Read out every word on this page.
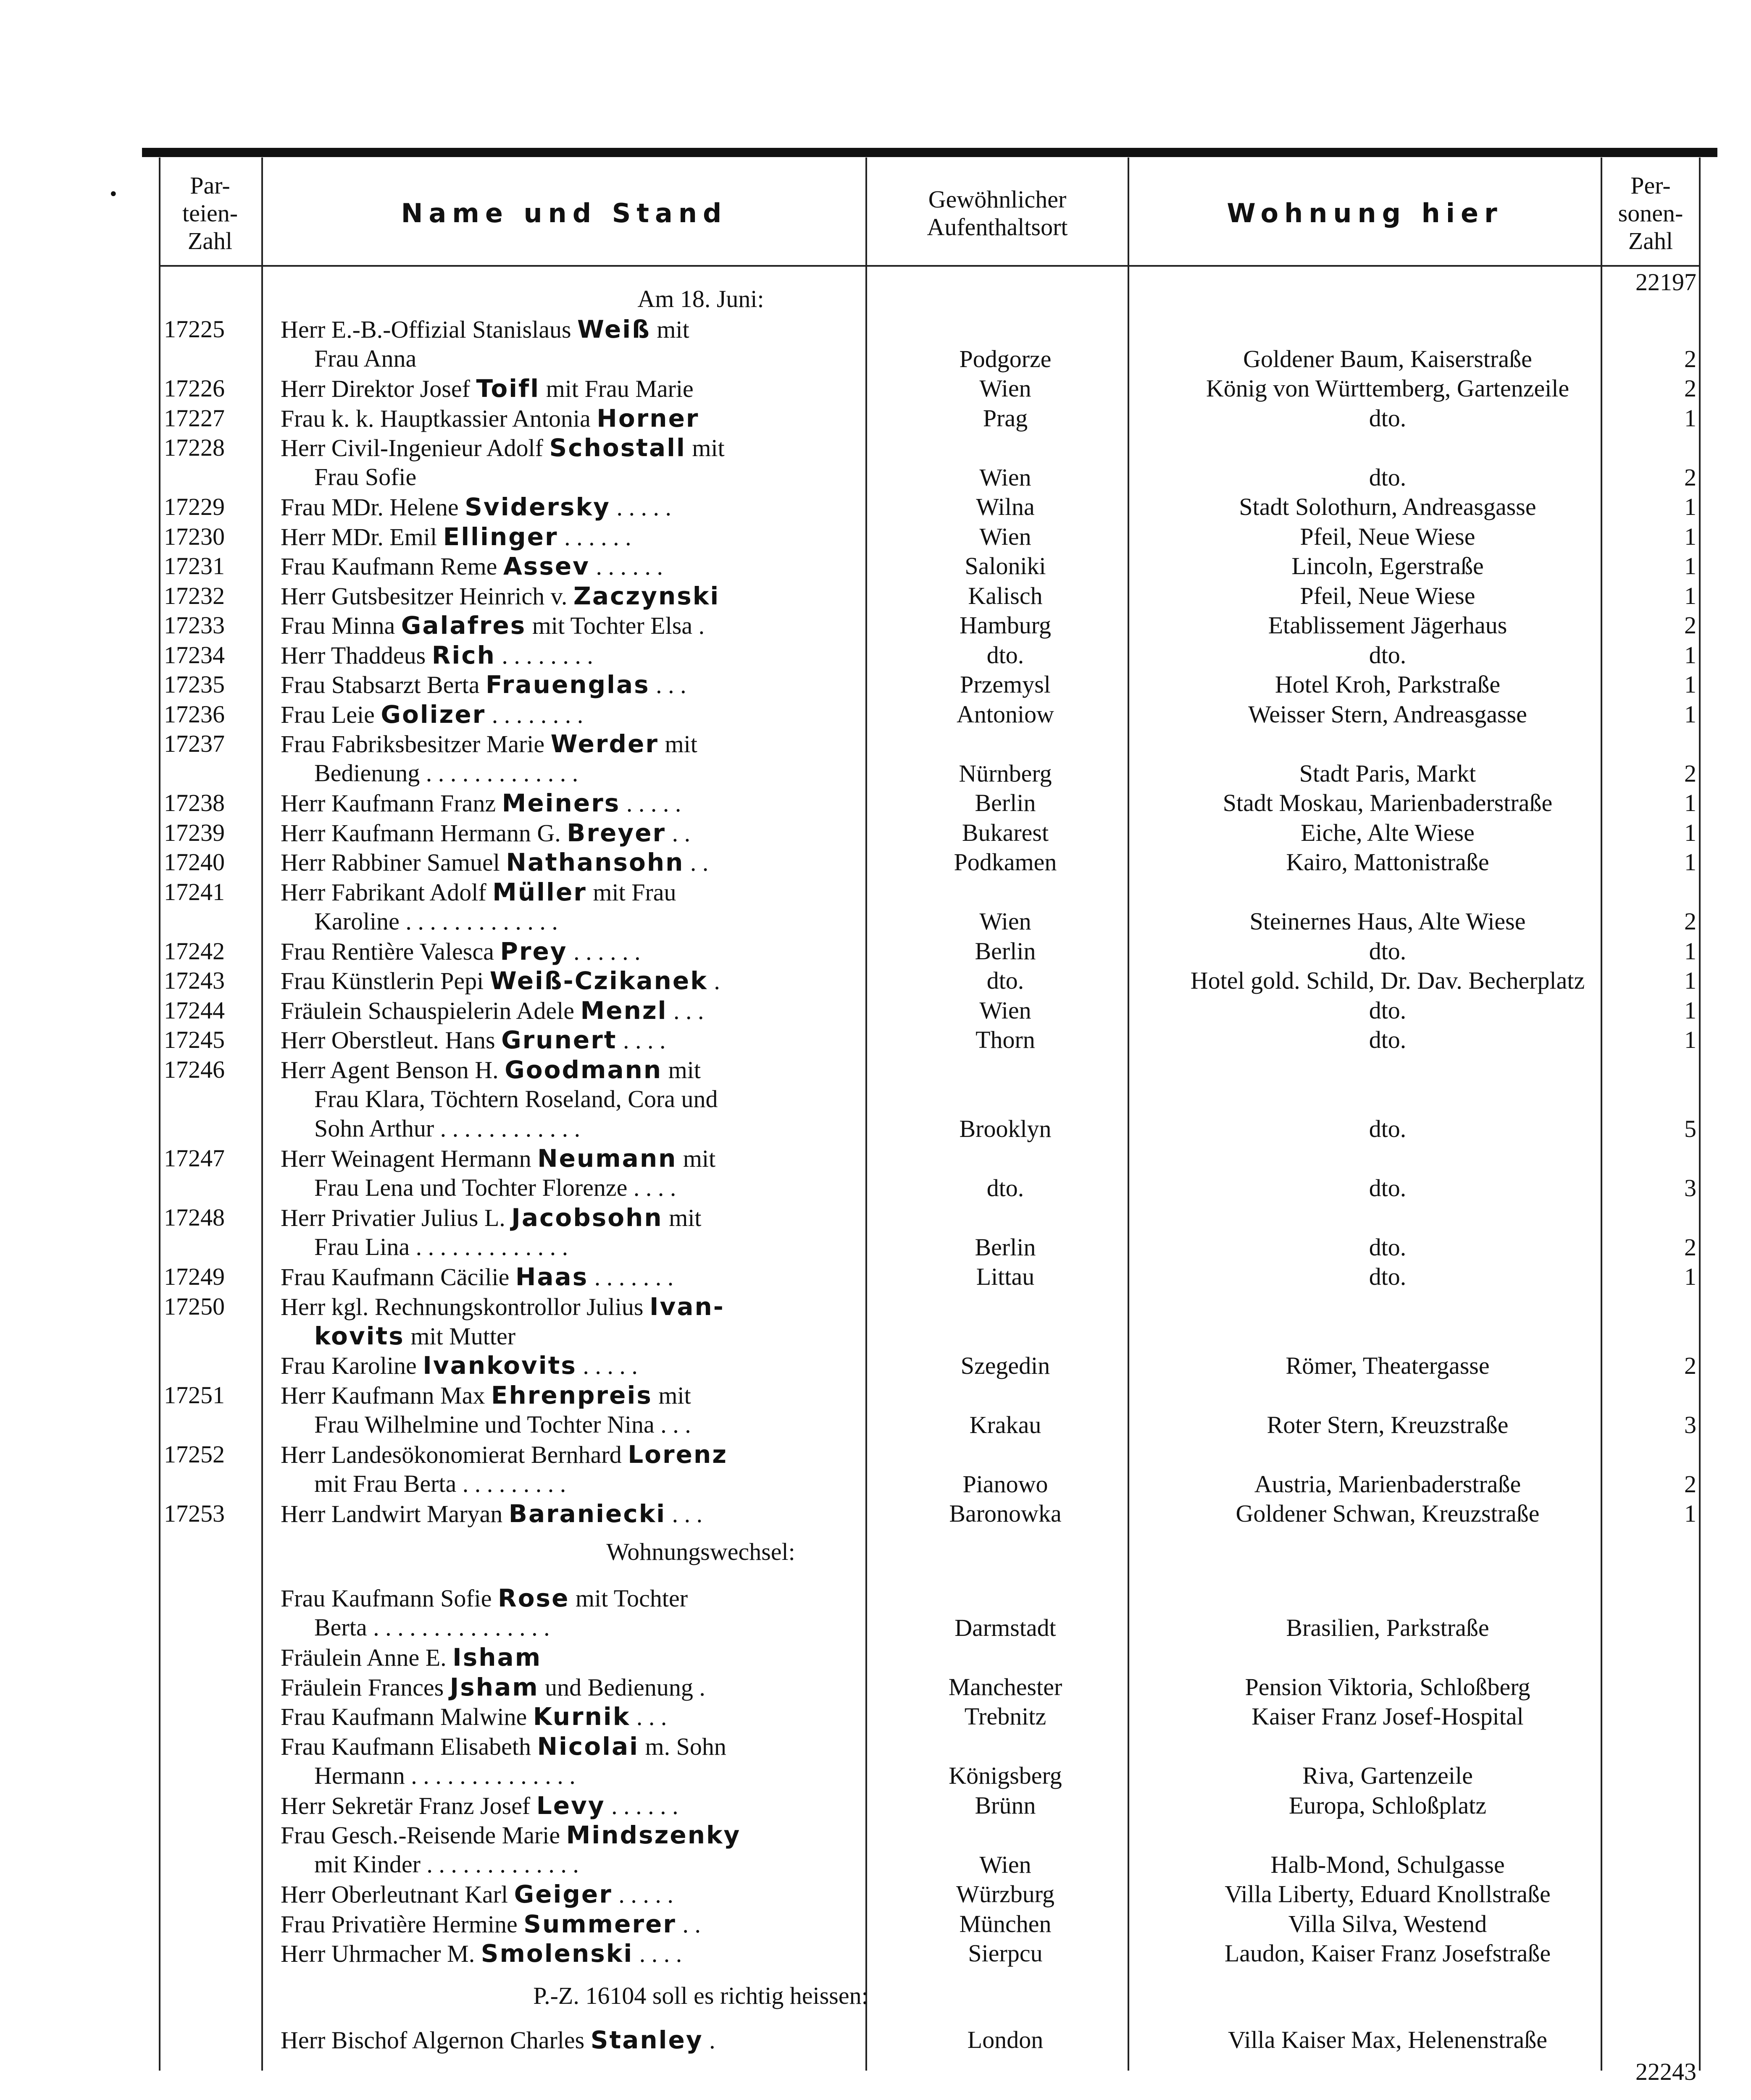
•	Par-
teien-
Zahl
Name und Stand	Gewöhnlicher
Aufenthaltsort	Wohnung hier
Per-
sonen-
Zahl
22197
Am 18. Juni:
17225	Herr E.-B.-Offizial Stanislaus Weiß mit
Frau Anna	Podgorze	Goldener Baum, Kaiserstraße	2
17226	Herr Direktor Josef Toifl mit Frau Marie	Wien	König von Württemberg, Gartenzeile	2
17227	Frau k. k. Hauptkassier Antonia Horner	Prag	dto.	1
17228	Herr Civil-Ingenieur Adolf Schostall mit
Frau Sofie	Wien	dto.	2
17229	Frau MDr. Helene Svidersky . . . . .	Wilna	Stadt Solothurn, Andreasgasse	1
17230	Herr MDr. Emil Ellinger . . . . . .	Wien	Pfeil, Neue Wiese	1
17231	Frau Kaufmann Reme Assev . . . . . .	Saloniki	Lincoln, Egerstraße	1
17232	Herr Gutsbesitzer Heinrich v. Zaczynski	Kalisch	Pfeil, Neue Wiese	1
17233	Frau Minna Galafres mit Tochter Elsa .	Hamburg	Etablissement Jägerhaus	2
17234	Herr Thaddeus Rich . . . . . . . .	dto.	dto.	1
17235	Frau Stabsarzt Berta Frauenglas . . .	Przemysl	Hotel Kroh, Parkstraße	1
17236	Frau Leie Golizer . . . . . . . .	Antoniow	Weisser Stern, Andreasgasse	1
17237	Frau Fabriksbesitzer Marie Werder mit
Bedienung . . . . . . . . . . . . .	Nürnberg	Stadt Paris, Markt	2
17238	Herr Kaufmann Franz Meiners . . . . .	Berlin	Stadt Moskau, Marienbaderstraße	1
17239	Herr Kaufmann Hermann G. Breyer . .	Bukarest	Eiche, Alte Wiese	1
17240	Herr Rabbiner Samuel Nathansohn . .	Podkamen	Kairo, Mattonistraße	1
17241	Herr Fabrikant Adolf Müller mit Frau
Karoline . . . . . . . . . . . . .	Wien	Steinernes Haus, Alte Wiese	2
17242	Frau Rentière Valesca Prey . . . . . .	Berlin	dto.	1
17243	Frau Künstlerin Pepi Weiß-Czikanek .	dto.	Hotel gold. Schild, Dr. Dav. Becherplatz	1
17244	Fräulein Schauspielerin Adele Menzl . . .	Wien	dto.	1
17245	Herr Oberstleut. Hans Grunert . . . .	Thorn	dto.	1
17246	Herr Agent Benson H. Goodmann mit
Frau Klara, Töchtern Roseland, Cora und
Sohn Arthur . . . . . . . . . . . .	Brooklyn	dto.	5
17247	Herr Weinagent Hermann Neumann mit
Frau Lena und Tochter Florenze . . . .	dto.	dto.	3
17248	Herr Privatier Julius L. Jacobsohn mit
Frau Lina . . . . . . . . . . . . .	Berlin	dto.	2
17249	Frau Kaufmann Cäcilie Haas . . . . . . .	Littau	dto.	1
17250	Herr kgl. Rechnungskontrollor Julius Ivan-
kovits mit Mutter
Frau Karoline Ivankovits . . . . .	Szegedin	Römer, Theatergasse	2
17251	Herr Kaufmann Max Ehrenpreis mit
Frau Wilhelmine und Tochter Nina . . .	Krakau	Roter Stern, Kreuzstraße	3
17252	Herr Landesökonomierat Bernhard Lorenz
mit Frau Berta . . . . . . . . .	Pianowo	Austria, Marienbaderstraße	2
17253	Herr Landwirt Maryan Baraniecki . . .	Baronowka	Goldener Schwan, Kreuzstraße	1
Wohnungswechsel:
Frau Kaufmann Sofie Rose mit Tochter
Berta . . . . . . . . . . . . . . .	Darmstadt	Brasilien, Parkstraße
Fräulein Anne E. Isham
Fräulein Frances Jsham und Bedienung .	Manchester	Pension Viktoria, Schloßberg
Frau Kaufmann Malwine Kurnik . . .	Trebnitz	Kaiser Franz Josef-Hospital
Frau Kaufmann Elisabeth Nicolai m. Sohn
Hermann . . . . . . . . . . . . . .	Königsberg	Riva, Gartenzeile
Herr Sekretär Franz Josef Levy . . . . . .	Brünn	Europa, Schloßplatz
Frau Gesch.-Reisende Marie Mindszenky
mit Kinder . . . . . . . . . . . . .	Wien	Halb-Mond, Schulgasse
Herr Oberleutnant Karl Geiger . . . . .	Würzburg	Villa Liberty, Eduard Knollstraße
Frau Privatière Hermine Summerer . .	München	Villa Silva, Westend
Herr Uhrmacher M. Smolenski . . . .	Sierpcu	Laudon, Kaiser Franz Josefstraße
P.-Z. 16104 soll es richtig heissen:
Herr Bischof Algernon Charles Stanley .	London	Villa Kaiser Max, Helenenstraße
22243
